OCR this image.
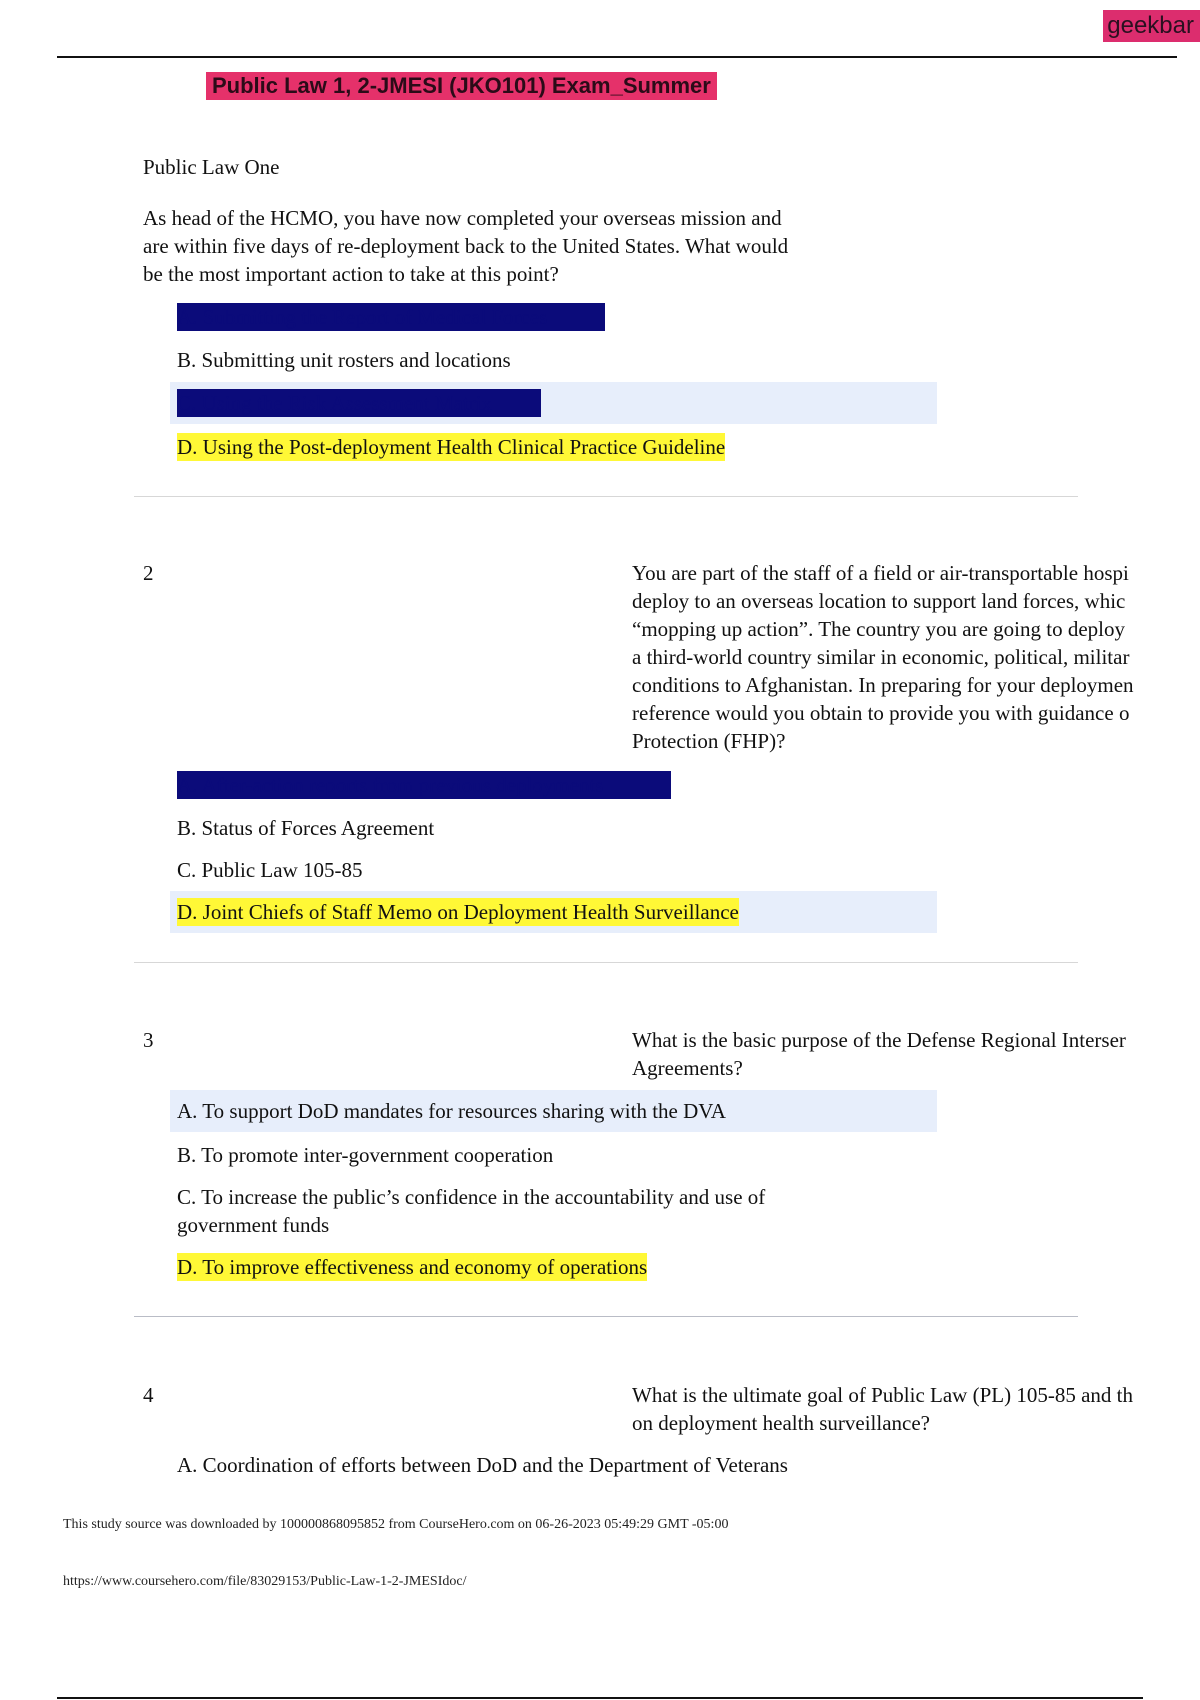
geekbar
Public Law 1, 2-JMESI (JKO101) Exam_Summer
Public Law One
As head of the HCMO, you have now completed your overseas mission and
are within five days of re-deployment back to the United States. What would
be the most important action to take at this point?
A. Submitting the Report of Medical Forces
B. Submitting unit rosters and locations
C. Using the Risk Assessment Matrix
D. Using the Post-deployment Health Clinical Practice Guideline
2	You are part of the staff of a field or air-transportable hospi
deploy to an overseas location to support land forces, whic
“mopping up action”. The country you are going to deploy
a third-world country similar in economic, political, militar
conditions to Afghanistan. In preparing for your deploymen
reference would you obtain to provide you with guidance o
Protection (FHP)?
A. After-action reports from previous deployments
B. Status of Forces Agreement
C. Public Law 105-85
D. Joint Chiefs of Staff Memo on Deployment Health Surveillance
3	What is the basic purpose of the Defense Regional Interser
Agreements?
A. To support DoD mandates for resources sharing with the DVA
B. To promote inter-government cooperation
C. To increase the public’s confidence in the accountability and use of
government funds
D. To improve effectiveness and economy of operations
4	What is the ultimate goal of Public Law (PL) 105-85 and th
on deployment health surveillance?
A. Coordination of efforts between DoD and the Department of Veterans
This study source was downloaded by 100000868095852 from CourseHero.com on 06-26-2023 05:49:29 GMT -05:00
https://www.coursehero.com/file/83029153/Public-Law-1-2-JMESIdoc/
